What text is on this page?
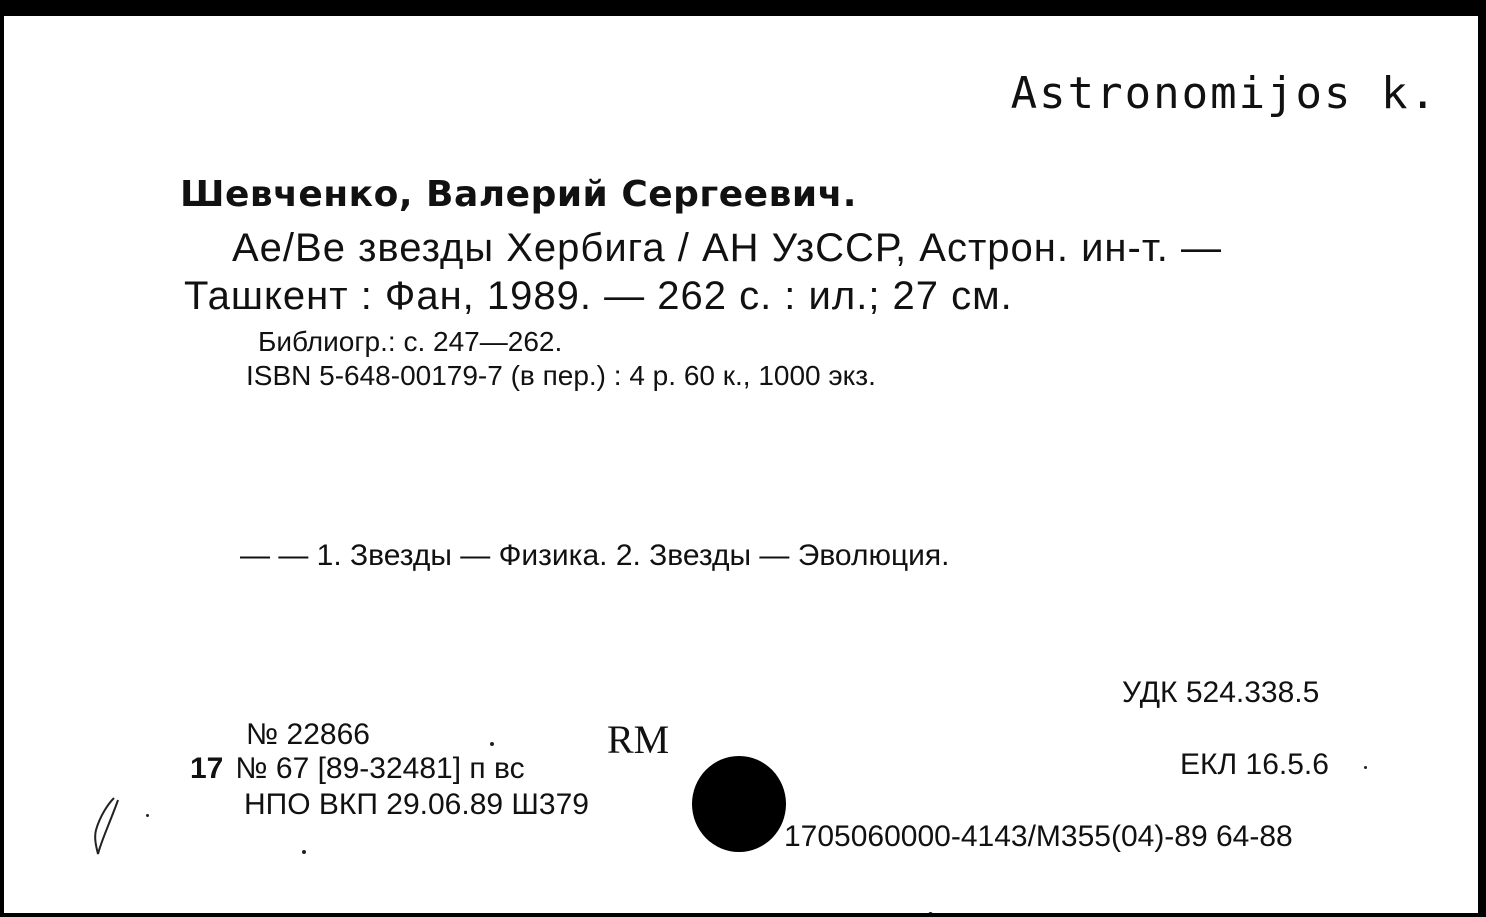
Astronomijos k.
Шевченко, Валерий Сергеевич.
Ae/Be звезды Хербига / АН УзССР, Астрон. ин-т. —
Ташкент : Фан, 1989. — 262 с. : ил.; 27 см.
Библиогр.: с. 247—262.
ISBN 5-648-00179-7 (в пер.) : 4 р. 60 к., 1000 экз.
— — 1. Звезды — Физика. 2. Звезды — Эволюция.
УДК 524.338.5
ЕКЛ 16.5.6
№ 22866	RM
17 № 67 [89-32481] п вс
НПО ВКП 29.06.89 Ш379
1705060000-4143/М355(04)-89 64-88
